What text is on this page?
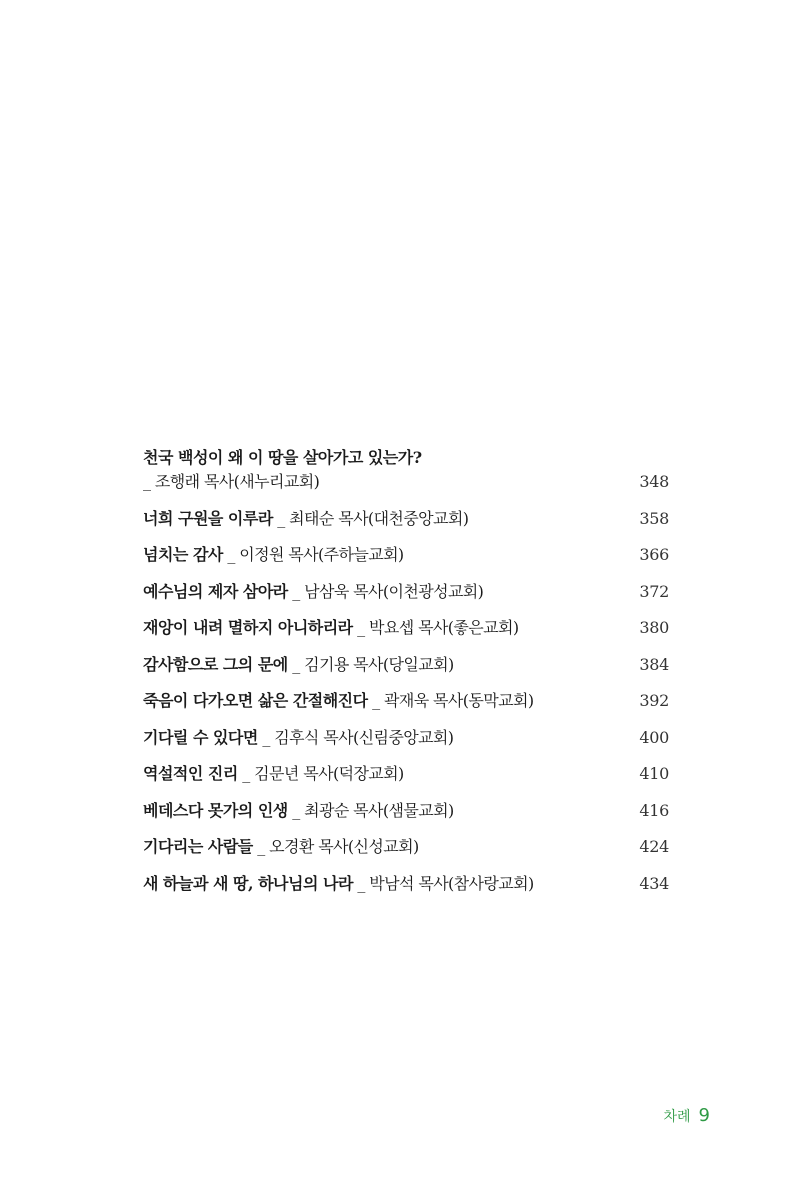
천국 백성이 왜 이 땅을 살아가고 있는가?
_ 조행래 목사(새누리교회)	348
너희 구원을 이루라 _ 최태순 목사(대천중앙교회)	358
넘치는 감사 _ 이정원 목사(주하늘교회)	366
예수님의 제자 삼아라 _ 남삼욱 목사(이천광성교회)	372
재앙이 내려 멸하지 아니하리라 _ 박요셉 목사(좋은교회)	380
감사함으로 그의 문에 _ 김기용 목사(당일교회)	384
죽음이 다가오면 삶은 간절해진다 _ 곽재욱 목사(동막교회)	392
기다릴 수 있다면 _ 김후식 목사(신림중앙교회)	400
역설적인 진리 _ 김문년 목사(덕장교회)	410
베데스다 못가의 인생 _ 최광순 목사(샘물교회)	416
기다리는 사람들 _ 오경환 목사(신성교회)	424
새 하늘과 새 땅, 하나님의 나라 _ 박남석 목사(참사랑교회)	434
차례 9
